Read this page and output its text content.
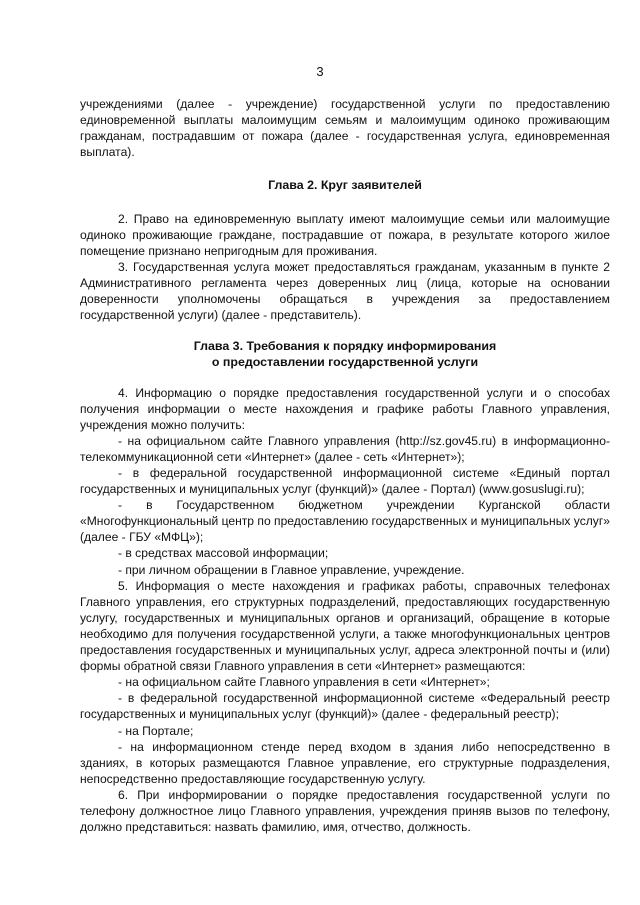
3

учреждениями (далее - учреждение) государственной услуги по предоставлению единовременной выплаты малоимущим семьям и малоимущим одиноко проживающим гражданам, пострадавшим от пожара (далее - государственная услуга, единовременная выплата).

Глава 2. Круг заявителей

2. Право на единовременную выплату имеют малоимущие семьи или малоимущие одиноко проживающие граждане, пострадавшие от пожара, в результате которого жилое помещение признано непригодным для проживания.

3. Государственная услуга может предоставляться гражданам, указанным в пункте 2 Административного регламента через доверенных лиц (лица, которые на основании доверенности уполномочены обращаться в учреждения за предоставлением государственной услуги) (далее - представитель).

Глава 3. Требования к порядку информирования

о предоставлении государственной услуги

4. Информацию о порядке предоставления государственной услуги и о способах получения информации о месте нахождения и графике работы Главного управления, учреждения можно получить:

- на официальном сайте Главного управления (http://sz.gov45.ru) в информационно-телекоммуникационной сети «Интернет» (далее - сеть «Интернет»);

- в федеральной государственной информационной системе «Единый портал государственных и муниципальных услуг (функций)» (далее - Портал) (www.gosuslugi.ru);

- в Государственном бюджетном учреждении Курганской области «Многофункциональный центр по предоставлению государственных и муниципальных услуг» (далее - ГБУ «МФЦ»);

- в средствах массовой информации;

- при личном обращении в Главное управление, учреждение.

5. Информация о месте нахождения и графиках работы, справочных телефонах Главного управления, его структурных подразделений, предоставляющих государственную услугу, государственных и муниципальных органов и организаций, обращение в которые необходимо для получения государственной услуги, а также многофункциональных центров предоставления государственных и муниципальных услуг, адреса электронной почты и (или) формы обратной связи Главного управления в сети «Интернет» размещаются:

- на официальном сайте Главного управления в сети «Интернет»;

- в федеральной государственной информационной системе «Федеральный реестр государственных и муниципальных услуг (функций)» (далее - федеральный реестр);

- на Портале;

- на информационном стенде перед входом в здания либо непосредственно в зданиях, в которых размещаются Главное управление, его структурные подразделения, непосредственно предоставляющие государственную услугу.

6. При информировании о порядке предоставления государственной услуги по телефону должностное лицо Главного управления, учреждения приняв вызов по телефону, должно представиться: назвать фамилию, имя, отчество, должность.
